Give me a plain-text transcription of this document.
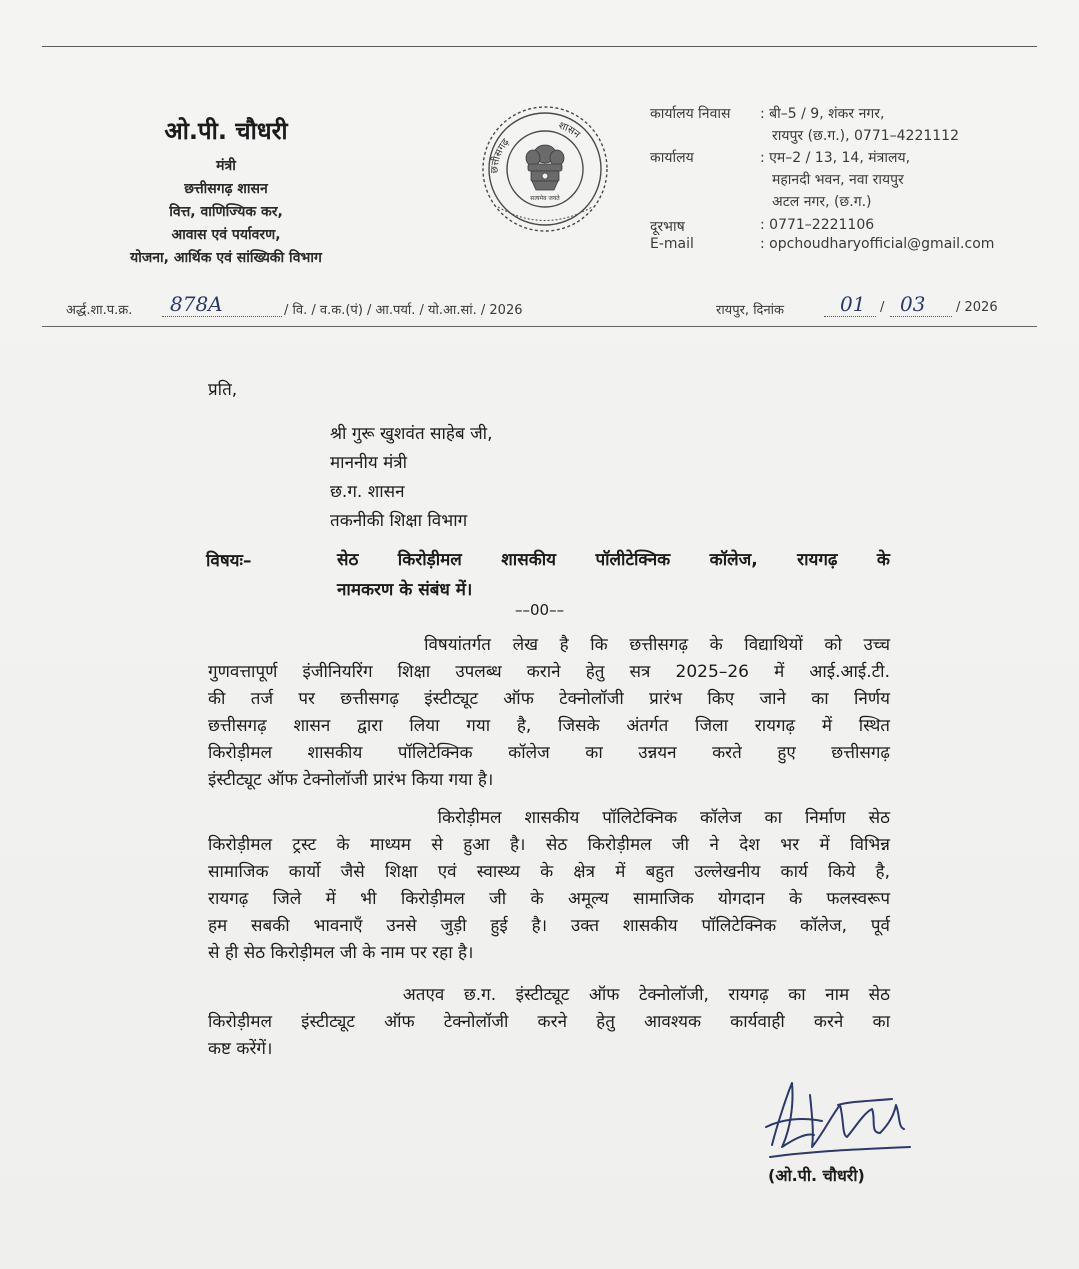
ओ.पी. चौधरी
मंत्री
छत्तीसगढ़ शासन
वित्त, वाणिज्यिक कर,
आवास एवं पर्यावरण,
योजना, आर्थिक एवं सांख्यिकी विभाग
छत्तीसगढ़
शासन
सत्यमेव जयते
कार्यालय निवास : बी–5 / 9, शंकर नगर,
रायपुर (छ.ग.), 0771–4221112
कार्यालय	: एम–2 / 13, 14, मंत्रालय,
महानदी भवन, नवा रायपुर
अटल नगर, (छ.ग.)
दूरभाष	: 0771–2221106
E-mail	: opchoudharyofficial@gmail.com
अर्द्ध.शा.प.क्र. 878A	/ वि. / व.क.(पं) / आ.पर्या. / यो.आ.सां. / 2026	रायपुर, दिनांक	01 / 03 / 2026
प्रति,
श्री गुरू खुशवंत साहेब जी,
माननीय मंत्री
छ.ग. शासन
तकनीकी शिक्षा विभाग
विषयः–	सेठ किरोड़ीमल शासकीय पॉलीटेक्निक कॉलेज, रायगढ़ के
नामकरण के संबंध में।
––00––
विषयांतर्गत लेख है कि छत्तीसगढ़ के विद्याथियों को उच्च
गुणवत्तापूर्ण इंजीनियरिंग शिक्षा उपलब्ध कराने हेतु सत्र 2025–26 में आई.आई.टी.
की तर्ज पर छत्तीसगढ़ इंस्टीट्यूट ऑफ टेक्नोलॉजी प्रारंभ किए जाने का निर्णय
छत्तीसगढ़ शासन द्वारा लिया गया है, जिसके अंतर्गत जिला रायगढ़ में स्थित
किरोड़ीमल शासकीय पॉलिटेक्निक कॉलेज का उन्नयन करते हुए छत्तीसगढ़
इंस्टीट्यूट ऑफ टेक्नोलॉजी प्रारंभ किया गया है।
किरोड़ीमल शासकीय पॉलिटेक्निक कॉलेज का निर्माण सेठ
किरोड़ीमल ट्रस्ट के माध्यम से हुआ है। सेठ किरोड़ीमल जी ने देश भर में विभिन्न
सामाजिक कार्यो जैसे शिक्षा एवं स्वास्थ्य के क्षेत्र में बहुत उल्लेखनीय कार्य किये है,
रायगढ़ जिले में भी किरोड़ीमल जी के अमूल्य सामाजिक योगदान के फलस्वरूप
हम सबकी भावनाएँ उनसे जुड़ी हुई है। उक्त शासकीय पॉलिटेक्निक कॉलेज, पूर्व
से ही सेठ किरोड़ीमल जी के नाम पर रहा है।
अतएव छ.ग. इंस्टीट्यूट ऑफ टेक्नोलॉजी, रायगढ़ का नाम सेठ
किरोड़ीमल इंस्टीट्यूट ऑफ टेक्नोलॉजी करने हेतु आवश्यक कार्यवाही करने का
कष्ट करेंगें।
(ओ.पी. चौधरी)
